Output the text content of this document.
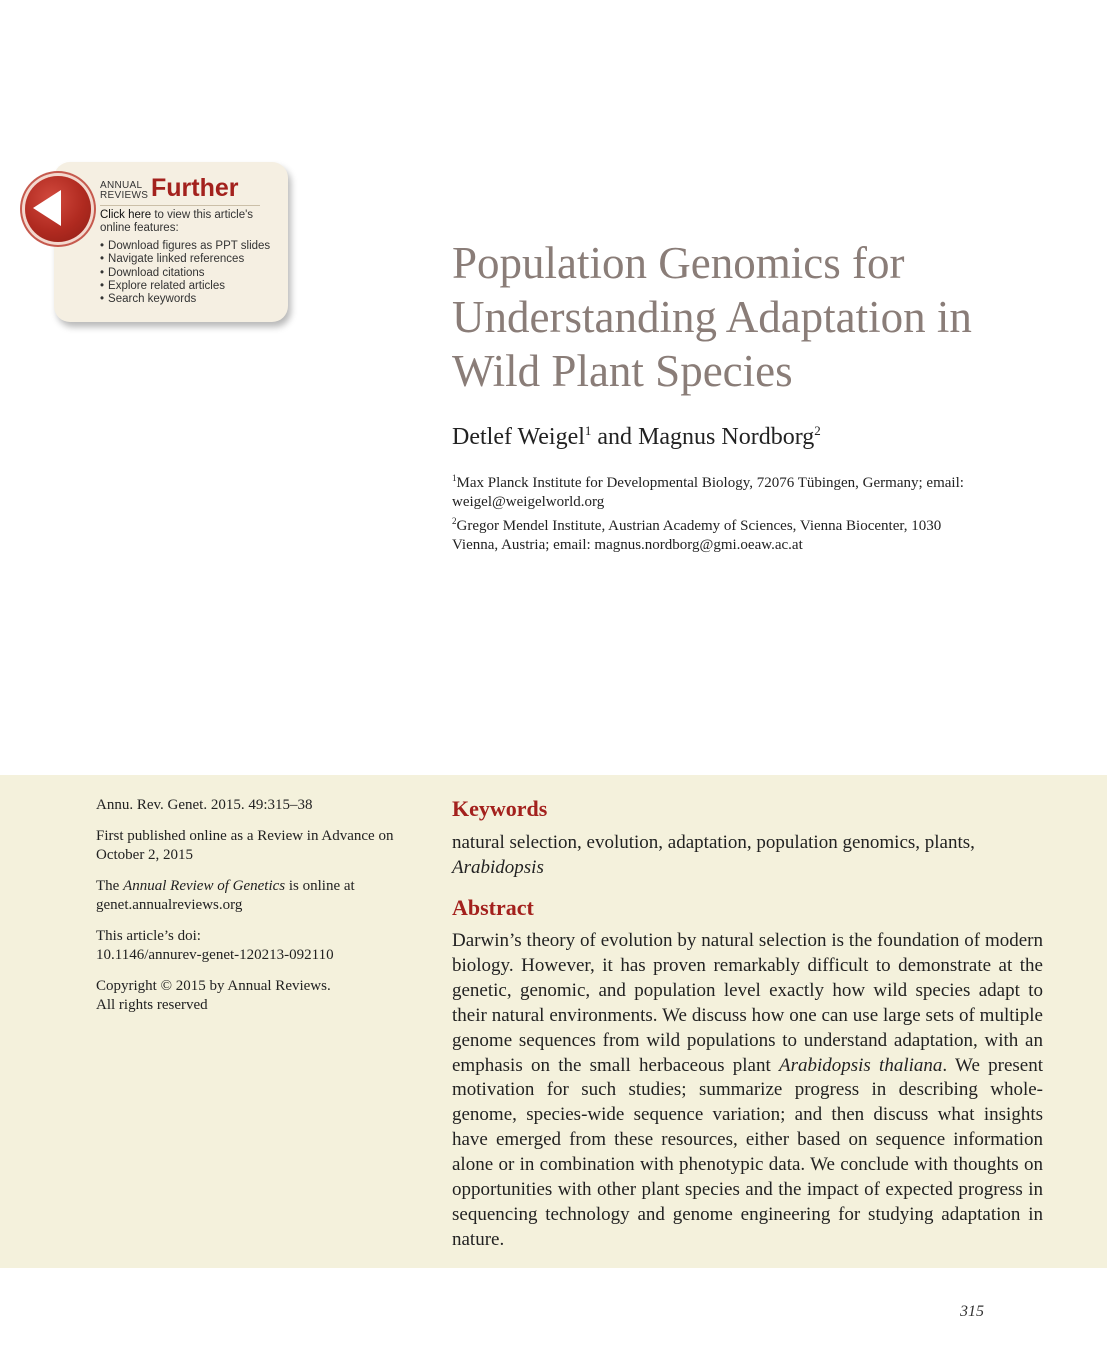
ANNUAL
REVIEWS Further
Click here to view this article's online features:
• Download figures as PPT slides
• Navigate linked references
• Download citations
• Explore related articles
• Search keywords
Population Genomics for Understanding Adaptation in Wild Plant Species
Detlef Weigel$^1$ and Magnus Nordborg$^2$
$^1$Max Planck Institute for Developmental Biology, 72076 Tübingen, Germany; email: weigel@weigelworld.org
$^2$Gregor Mendel Institute, Austrian Academy of Sciences, Vienna Biocenter, 1030 Vienna, Austria; email: magnus.nordborg@gmi.oeaw.ac.at
Annu. Rev. Genet. 2015. 49:315–38
First published online as a Review in Advance on October 2, 2015
The Annual Review of Genetics is online at genet.annualreviews.org
This article’s doi:
10.1146/annurev-genet-120213-092110
Copyright © 2015 by Annual Reviews.
All rights reserved
Keywords
natural selection, evolution, adaptation, population genomics, plants,
Arabidopsis
Abstract
Darwin’s theory of evolution by natural selection is the foundation of modern biology. However, it has proven remarkably difficult to demonstrate at the genetic, genomic, and population level exactly how wild species adapt to their natural environments. We discuss how one can use large sets of multiple genome sequences from wild populations to understand adaptation, with an emphasis on the small herbaceous plant Arabidopsis thaliana. We present motivation for such studies; summarize progress in describing whole-genome, species-wide sequence variation; and then discuss what insights have emerged from these resources, either based on sequence information alone or in combination with phenotypic data. We conclude with thoughts on opportunities with other plant species and the impact of expected progress in sequencing technology and genome engineering for studying adaptation in nature.
315
